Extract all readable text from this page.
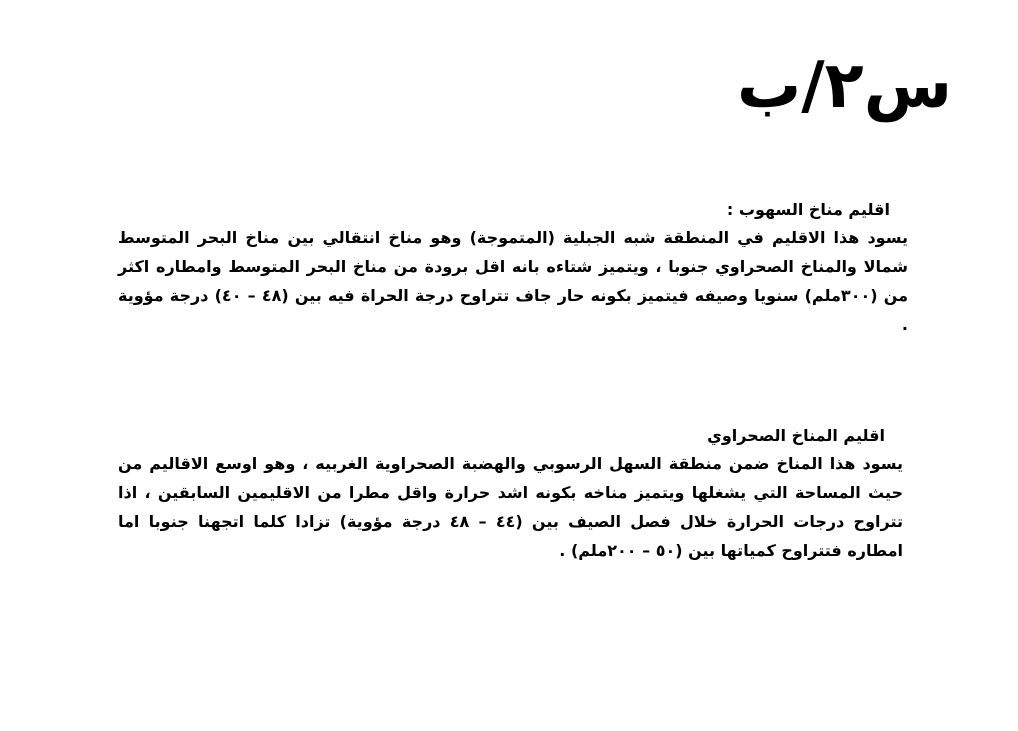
س٢/ب

اقليم مناخ السهوب :

يسود هذا الاقليم في المنطقة شبه الجبلية (المتموجة) وهو مناخ انتقالي بين مناخ البحر المتوسط شمالا والمناخ الصحراوي جنوبا ، ويتميز شتاءه بانه اقل برودة من مناخ البحر المتوسط وامطاره اكثر من (٣٠٠ملم) سنويا وصيفه فيتميز بكونه حار جاف تتراوح درجة الحراة فيه بين (٤٨ – ٤٠) درجة مؤوية .

اقليم المناخ الصحراوي

يسود هذا المناخ ضمن منطقة السهل الرسوبي والهضبة الصحراوية الغربيه ، وهو اوسع الاقاليم من حيث المساحة التي يشغلها ويتميز مناخه بكونه اشد حرارة واقل مطرا من الاقليمين السابقين ، اذا تتراوح درجات الحرارة خلال فصل الصيف بين (٤٤ – ٤٨ درجة مؤوية) تزادا كلما اتجهنا جنوبا اما امطاره فتتراوح كمياتها بين (٥٠ – ٢٠٠ملم) .
